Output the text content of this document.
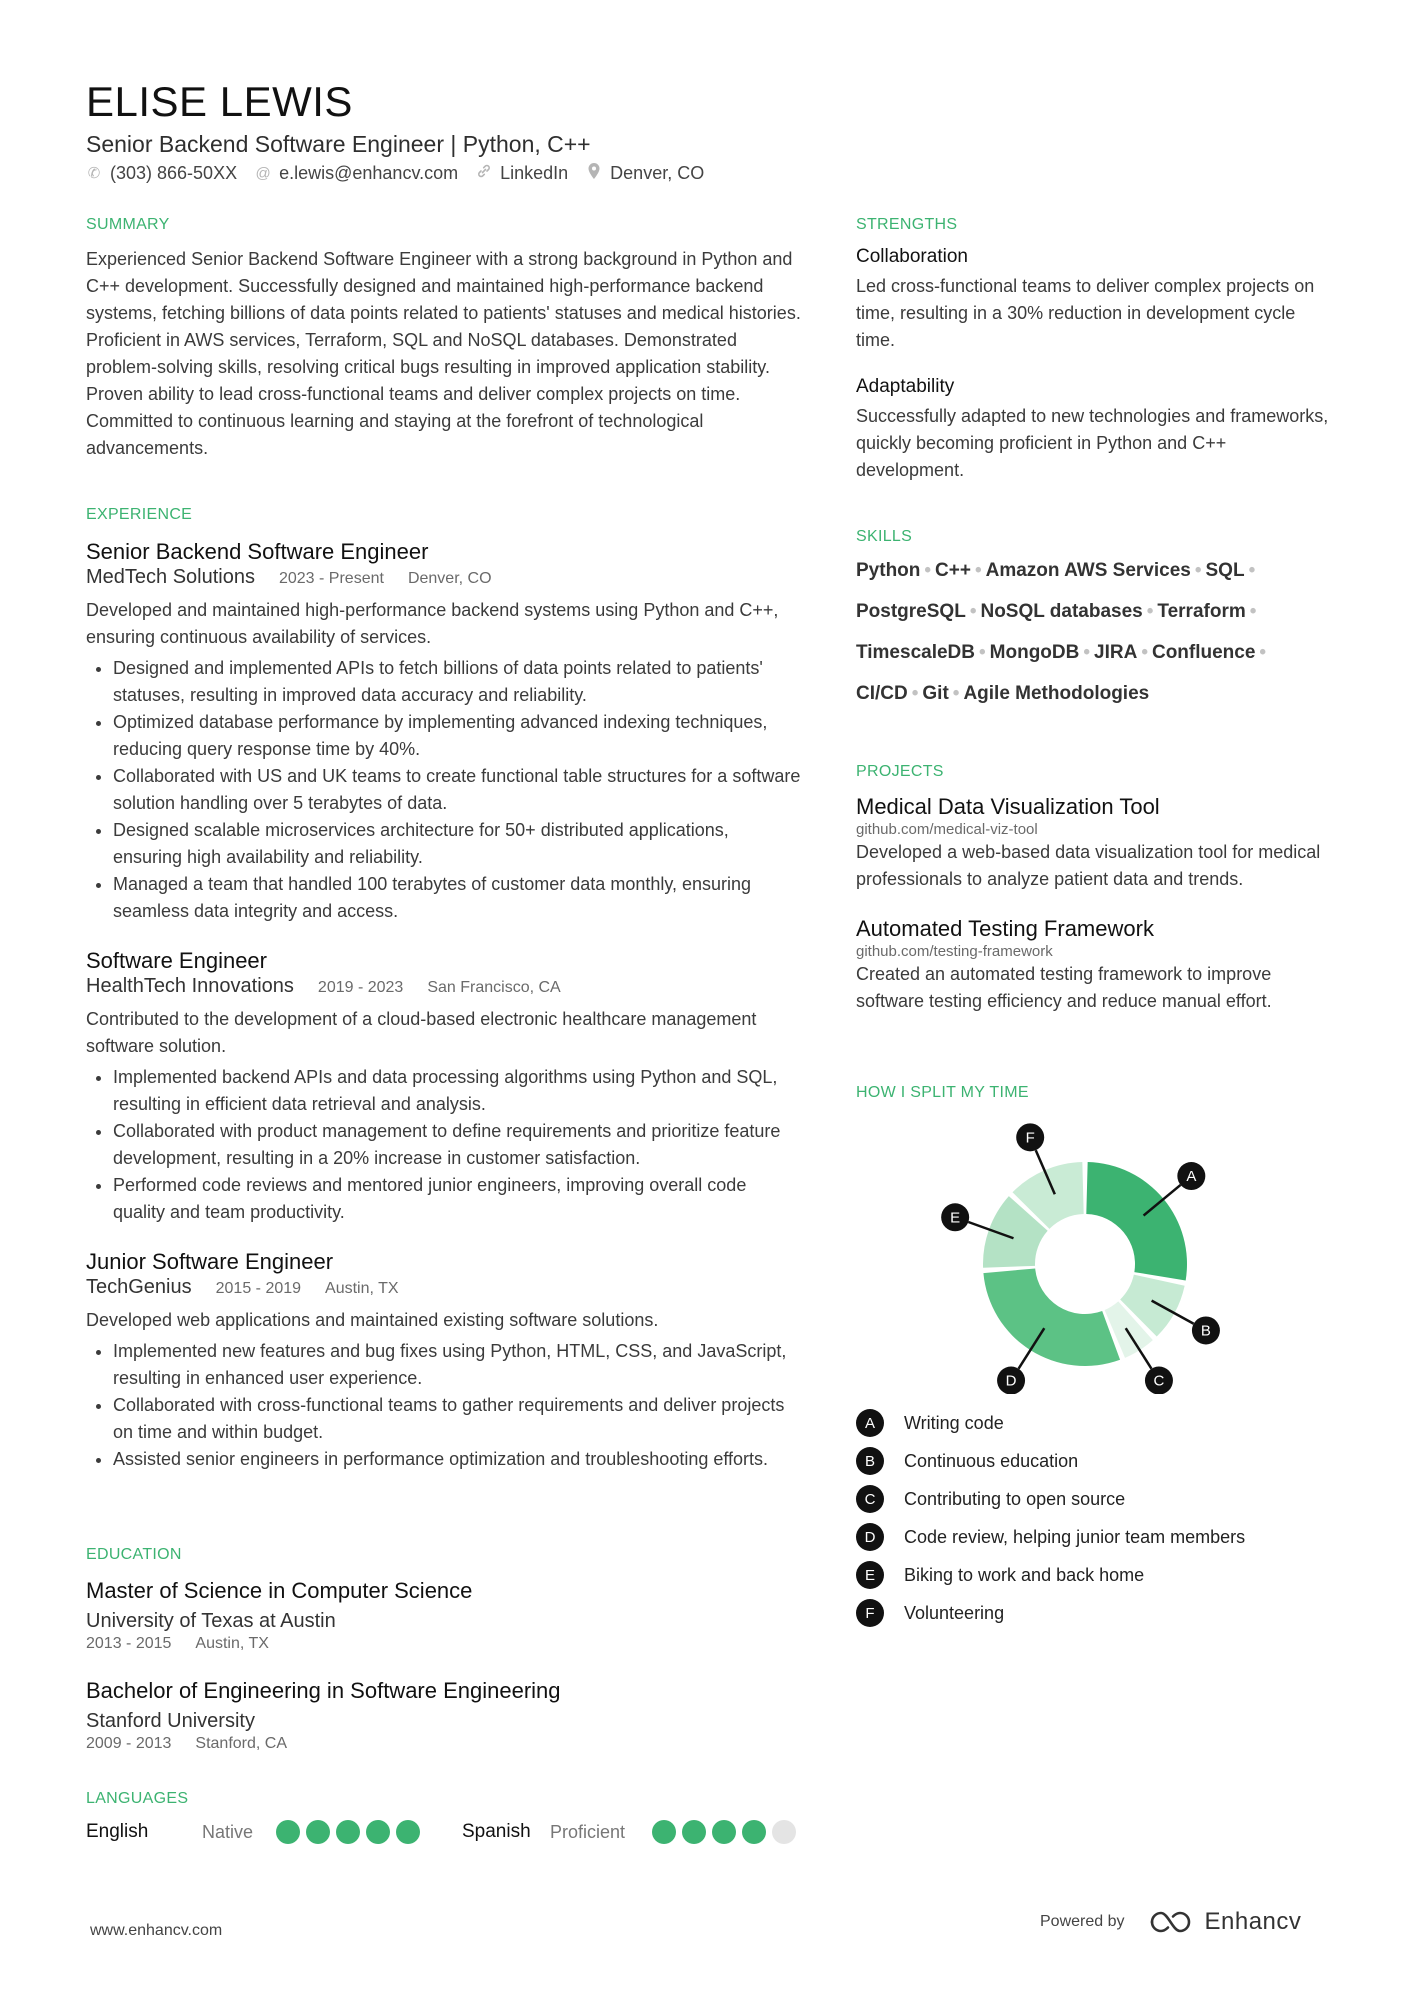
ELISE LEWIS
Senior Backend Software Engineer | Python, C++
✆ (303) 866-50XX @ e.lewis@enhancv.com LinkedIn Denver, CO
SUMMARY
Experienced Senior Backend Software Engineer with a strong background in Python and C++ development. Successfully designed and maintained high-performance backend systems, fetching billions of data points related to patients' statuses and medical histories. Proficient in AWS services, Terraform, SQL and NoSQL databases. Demonstrated problem-solving skills, resolving critical bugs resulting in improved application stability. Proven ability to lead cross-functional teams and deliver complex projects on time. Committed to continuous learning and staying at the forefront of technological advancements.
EXPERIENCE
Senior Backend Software Engineer
MedTech Solutions 2023 - Present Denver, CO
Developed and maintained high-performance backend systems using Python and C++, ensuring continuous availability of services.
• Designed and implemented APIs to fetch billions of data points related to patients' statuses, resulting in improved data accuracy and reliability.
• Optimized database performance by implementing advanced indexing techniques, reducing query response time by 40%.
• Collaborated with US and UK teams to create functional table structures for a software solution handling over 5 terabytes of data.
• Designed scalable microservices architecture for 50+ distributed applications, ensuring high availability and reliability.
• Managed a team that handled 100 terabytes of customer data monthly, ensuring seamless data integrity and access.
Software Engineer
HealthTech Innovations 2019 - 2023 San Francisco, CA
Contributed to the development of a cloud-based electronic healthcare management software solution.
• Implemented backend APIs and data processing algorithms using Python and SQL, resulting in efficient data retrieval and analysis.
• Collaborated with product management to define requirements and prioritize feature development, resulting in a 20% increase in customer satisfaction.
• Performed code reviews and mentored junior engineers, improving overall code quality and team productivity.
Junior Software Engineer
TechGenius 2015 - 2019 Austin, TX
Developed web applications and maintained existing software solutions.
• Implemented new features and bug fixes using Python, HTML, CSS, and JavaScript, resulting in enhanced user experience.
• Collaborated with cross-functional teams to gather requirements and deliver projects on time and within budget.
• Assisted senior engineers in performance optimization and troubleshooting efforts.
EDUCATION
Master of Science in Computer Science
University of Texas at Austin
2013 - 2015 Austin, TX
Bachelor of Engineering in Software Engineering
Stanford University
2009 - 2013 Stanford, CA
LANGUAGES
English	Native	Spanish	Proficient
STRENGTHS
Collaboration
Led cross-functional teams to deliver complex projects on time, resulting in a 30% reduction in development cycle time.
Adaptability
Successfully adapted to new technologies and frameworks, quickly becoming proficient in Python and C++ development.
SKILLS
Python • C++ • Amazon AWS Services • SQL •
PostgreSQL • NoSQL databases • Terraform •
TimescaleDB • MongoDB • JIRA • Confluence •
CI/CD • Git • Agile Methodologies
PROJECTS
Medical Data Visualization Tool
github.com/medical-viz-tool
Developed a web-based data visualization tool for medical professionals to analyze patient data and trends.
Automated Testing Framework
github.com/testing-framework
Created an automated testing framework to improve software testing efficiency and reduce manual effort.
HOW I SPLIT MY TIME
A
B
C
D
E
F
A	Writing code
B	Continuous education
C	Contributing to open source
D	Code review, helping junior team members
E	Biking to work and back home
F	Volunteering
www.enhancv.com
Powered by	Enhancv
